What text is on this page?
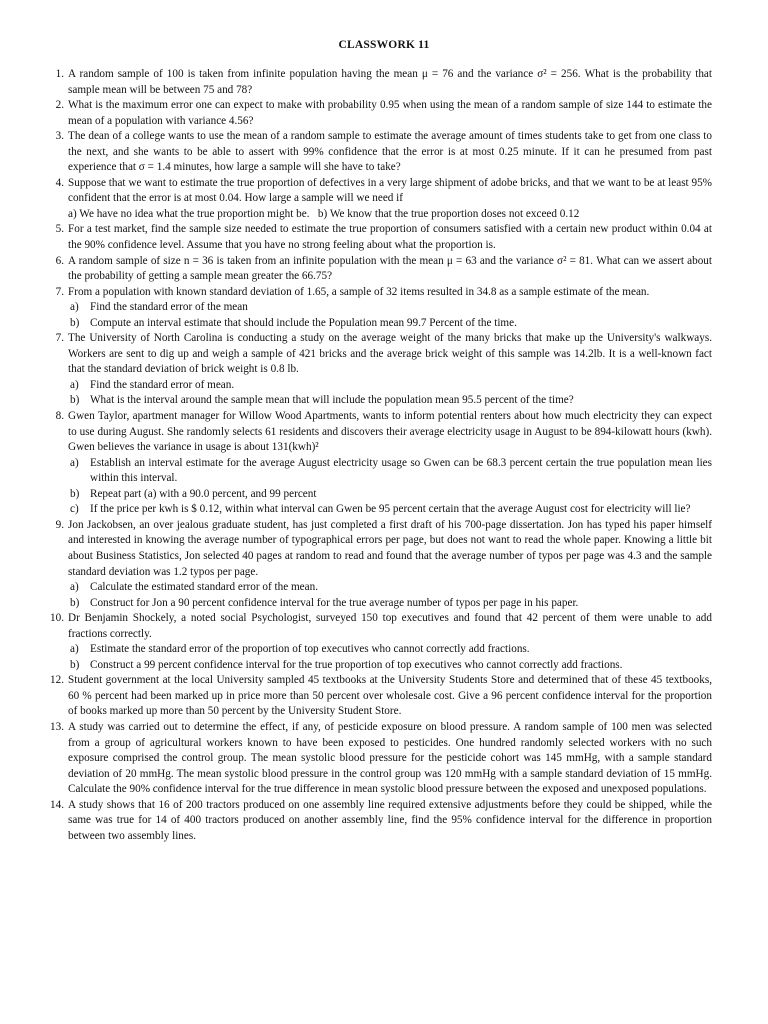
CLASSWORK 11
1. A random sample of 100 is taken from infinite population having the mean μ = 76 and the variance σ² = 256. What is the probability that sample mean will be between 75 and 78?
2. What is the maximum error one can expect to make with probability 0.95 when using the mean of a random sample of size 144 to estimate the mean of a population with variance 4.56?
3. The dean of a college wants to use the mean of a random sample to estimate the average amount of times students take to get from one class to the next, and she wants to be able to assert with 99% confidence that the error is at most 0.25 minute. If it can he presumed from past experience that σ = 1.4 minutes, how large a sample will she have to take?
4. Suppose that we want to estimate the true proportion of defectives in a very large shipment of adobe bricks, and that we want to be at least 95% confident that the error is at most 0.04. How large a sample will we need if
a) We have no idea what the true proportion might be.   b) We know that the true proportion doses not exceed 0.12
5. For a test market, find the sample size needed to estimate the true proportion of consumers satisfied with a certain new product within 0.04 at the 90% confidence level. Assume that you have no strong feeling about what the proportion is.
6. A random sample of size n = 36 is taken from an infinite population with the mean μ = 63 and the variance σ² = 81. What can we assert about the probability of getting a sample mean greater the 66.75?
7. From a population with known standard deviation of 1.65, a sample of 32 items resulted in 34.8 as a sample estimate of the mean.
a) Find the standard error of the mean
b) Compute an interval estimate that should include the Population mean 99.7 Percent of the time.
7. The University of North Carolina is conducting a study on the average weight of the many bricks that make up the University's walkways. Workers are sent to dig up and weigh a sample of 421 bricks and the average brick weight of this sample was 14.2lb. It is a well-known fact that the standard deviation of brick weight is 0.8 lb.
a) Find the standard error of mean.
b) What is the interval around the sample mean that will include the population mean 95.5 percent of the time?
8. Gwen Taylor, apartment manager for Willow Wood Apartments, wants to inform potential renters about how much electricity they can expect to use during August. She randomly selects 61 residents and discovers their average electricity usage in August to be 894-kilowatt hours (kwh). Gwen believes the variance in usage is about 131(kwh)²
a) Establish an interval estimate for the average August electricity usage so Gwen can be 68.3 percent certain the true population mean lies within this interval.
b) Repeat part (a) with a 90.0 percent, and 99 percent
c) If the price per kwh is $ 0.12, within what interval can Gwen be 95 percent certain that the average August cost for electricity will lie?
9. Jon Jackobsen, an over jealous graduate student, has just completed a first draft of his 700-page dissertation. Jon has typed his paper himself and interested in knowing the average number of typographical errors per page, but does not want to read the whole paper. Knowing a little bit about Business Statistics, Jon selected 40 pages at random to read and found that the average number of typos per page was 4.3 and the sample standard deviation was 1.2 typos per page.
a) Calculate the estimated standard error of the mean.
b) Construct for Jon a 90 percent confidence interval for the true average number of typos per page in his paper.
10. Dr Benjamin Shockely, a noted social Psychologist, surveyed 150 top executives and found that 42 percent of them were unable to add fractions correctly.
a) Estimate the standard error of the proportion of top executives who cannot correctly add fractions.
b) Construct a 99 percent confidence interval for the true proportion of top executives who cannot correctly add fractions.
12. Student government at the local University sampled 45 textbooks at the University Students Store and determined that of these 45 textbooks, 60 % percent had been marked up in price more than 50 percent over wholesale cost. Give a 96 percent confidence interval for the proportion of books marked up more than 50 percent by the University Student Store.
13. A study was carried out to determine the effect, if any, of pesticide exposure on blood pressure. A random sample of 100 men was selected from a group of agricultural workers known to have been exposed to pesticides. One hundred randomly selected workers with no such exposure comprised the control group. The mean systolic blood pressure for the pesticide cohort was 145 mmHg, with a sample standard deviation of 20 mmHg. The mean systolic blood pressure in the control group was 120 mmHg with a sample standard deviation of 15 mmHg. Calculate the 90% confidence interval for the true difference in mean systolic blood pressure between the exposed and unexposed populations.
14. A study shows that 16 of 200 tractors produced on one assembly line required extensive adjustments before they could be shipped, while the same was true for 14 of 400 tractors produced on another assembly line, find the 95% confidence interval for the difference in proportion between two assembly lines.
